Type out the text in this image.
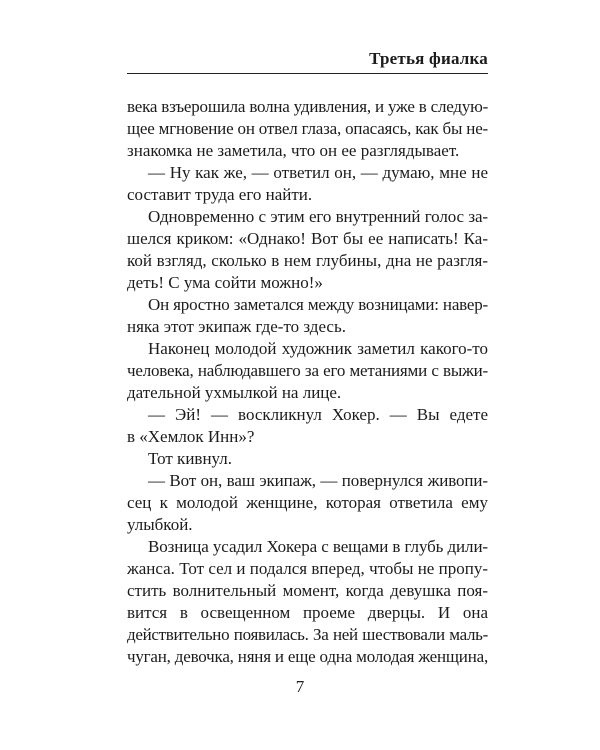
Третья фиалка

века взъерошила волна удивления, и уже в следую-
щее мгновение он отвел глаза, опасаясь, как бы не-
знакомка не заметила, что он ее разглядывает.

— Ну как же, — ответил он, — думаю, мне не
составит труда его найти.

Одновременно с этим его внутренний голос за-
шелся криком: «Однако! Вот бы ее написать! Ка-
кой взгляд, сколько в нем глубины, дна не разгля-
деть! С ума сойти можно!»

Он яростно заметался между возницами: навер-
няка этот экипаж где-то здесь.

Наконец молодой художник заметил какого-то
человека, наблюдавшего за его метаниями с выжи-
дательной ухмылкой на лице.

— Эй! — воскликнул Хокер. — Вы едете
в «Хемлок Инн»?

Тот кивнул.

— Вот он, ваш экипаж, — повернулся живопи-
сец к молодой женщине, которая ответила ему
улыбкой.

Возница усадил Хокера с вещами в глубь дили-
жанса. Тот сел и подался вперед, чтобы не пропу-
стить волнительный момент, когда девушка поя-
вится в освещенном проеме дверцы. И она
действительно появилась. За ней шествовали маль-
чуган, девочка, няня и еще одна молодая женщина,

7
